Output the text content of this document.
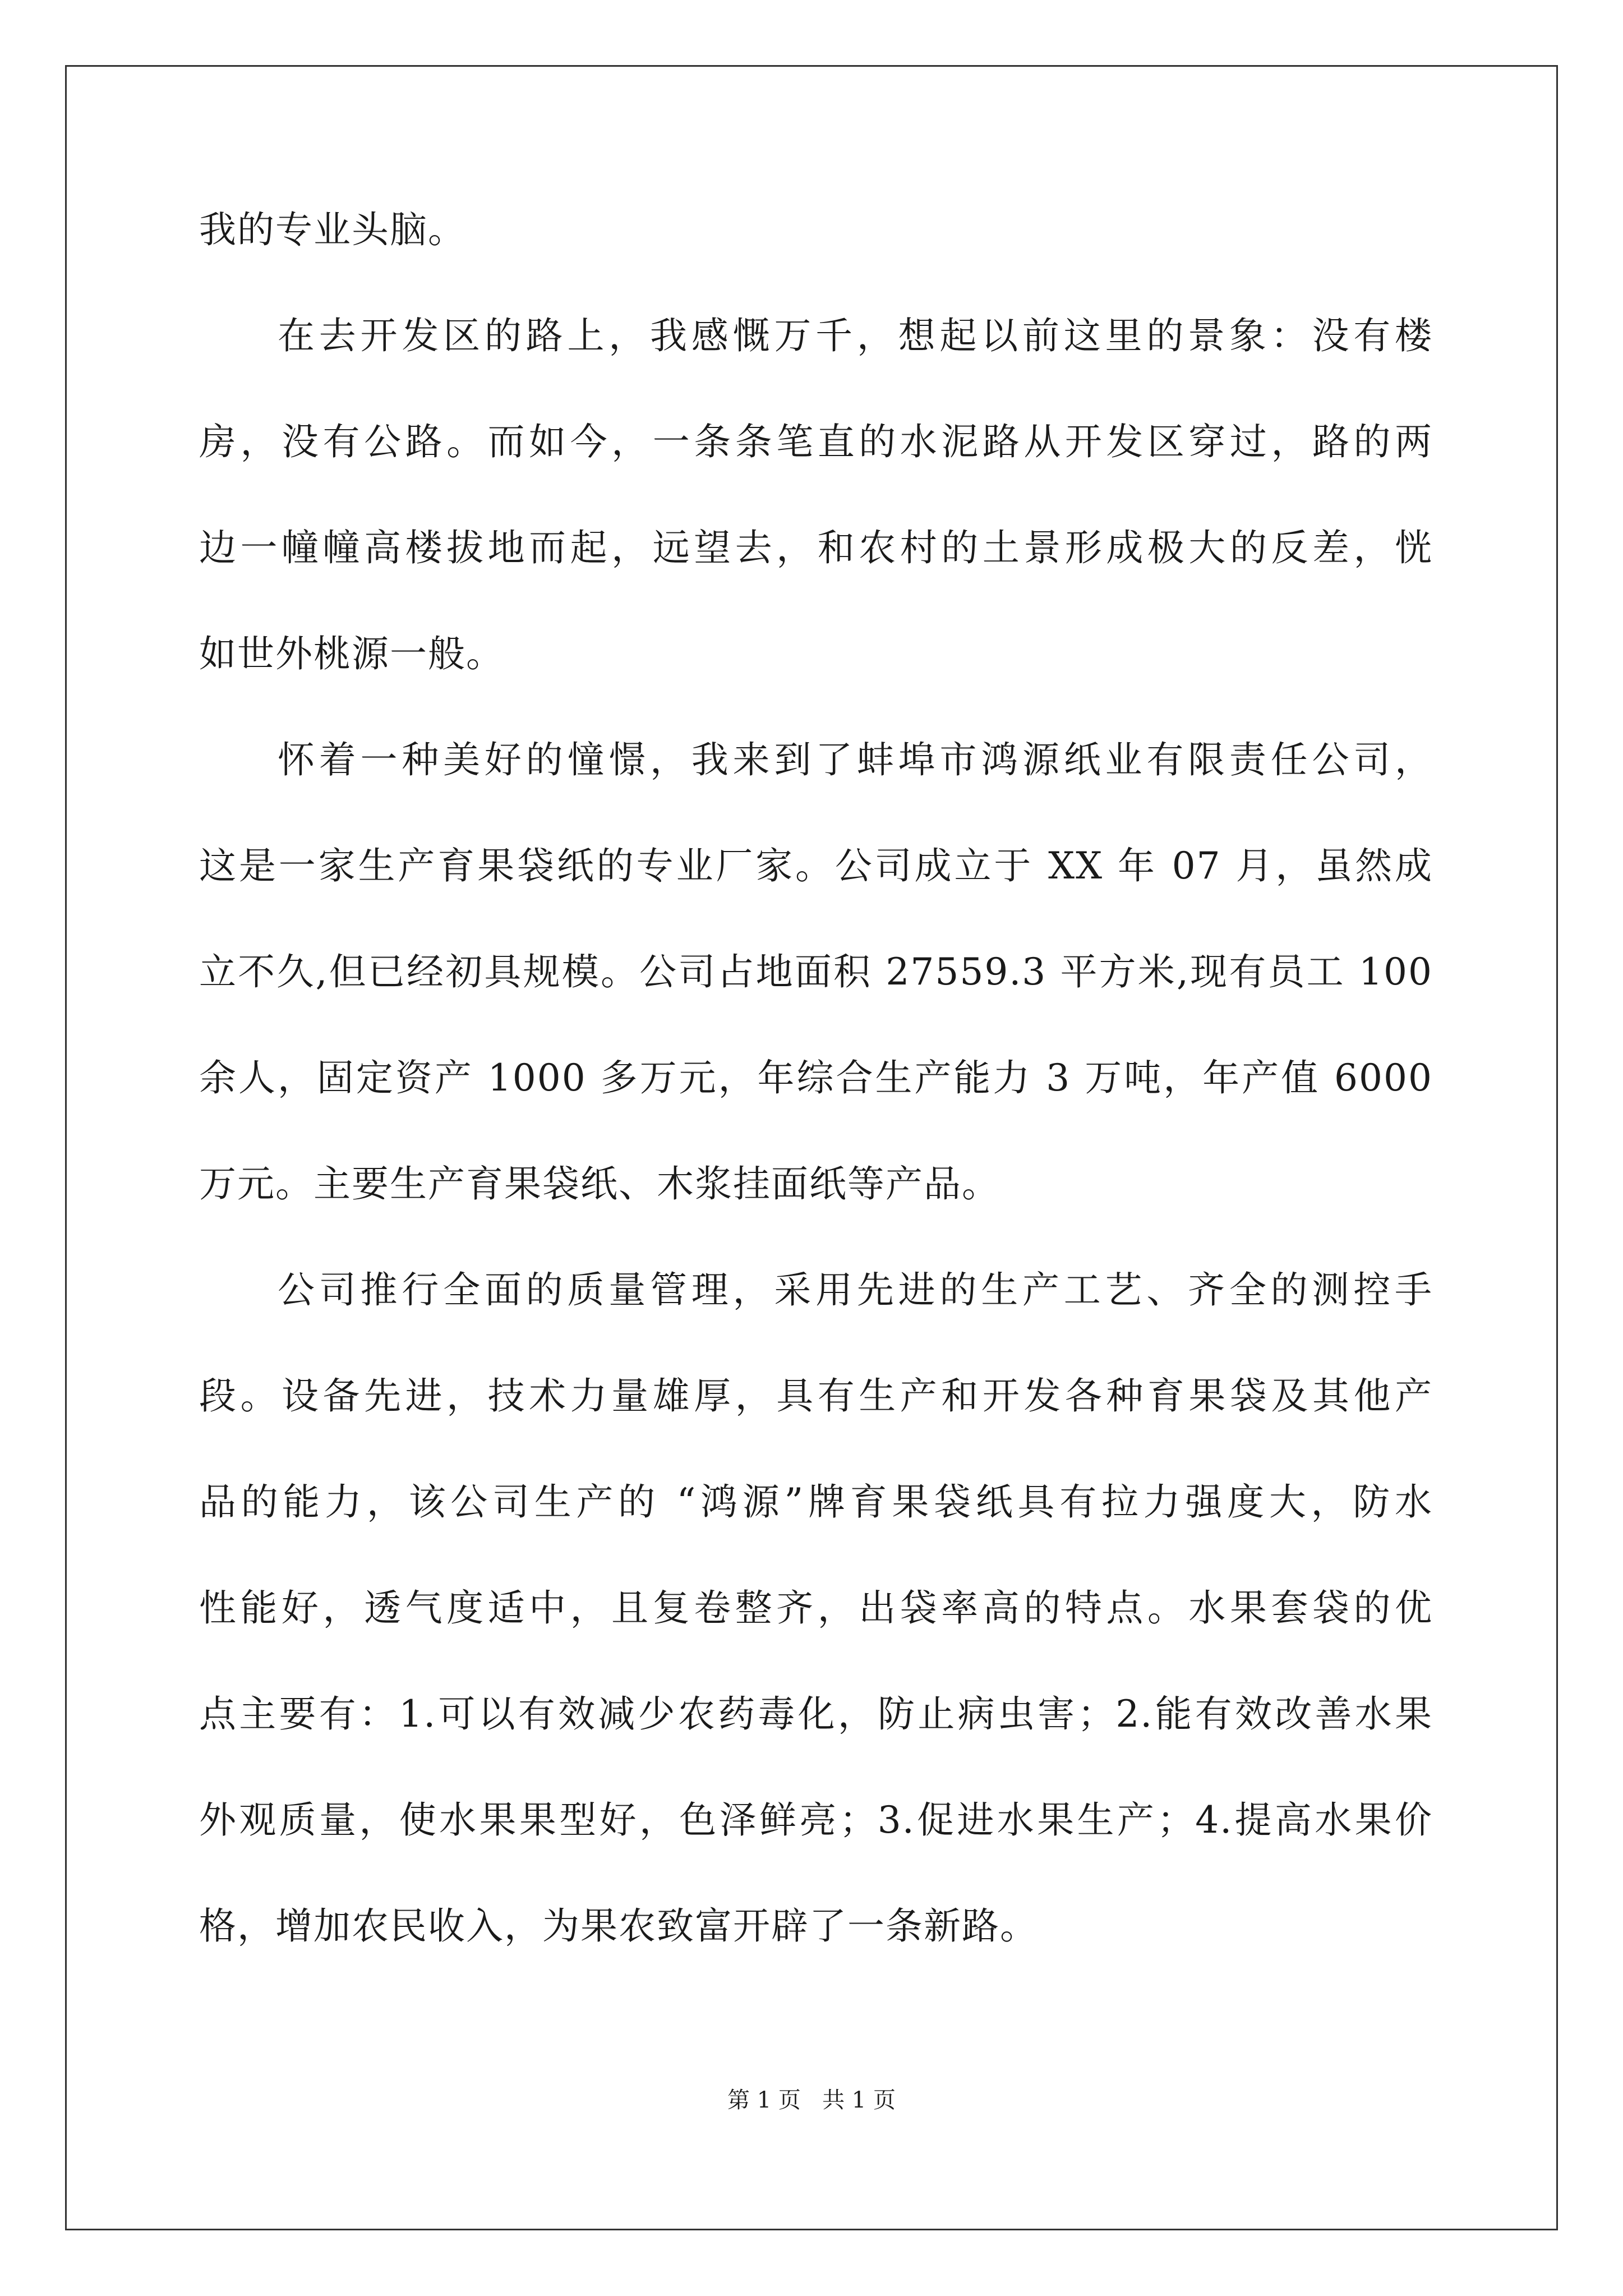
我的专业头脑。
在去开发区的路上，我感慨万千，想起以前这里的景象：没有楼
房，没有公路。而如今，一条条笔直的水泥路从开发区穿过，路的两
边一幢幢高楼拔地而起，远望去，和农村的土景形成极大的反差，恍
如世外桃源一般。
怀着一种美好的憧憬，我来到了蚌埠市鸿源纸业有限责任公司，
这是一家生产育果袋纸的专业厂家。公司成立于 XX 年 07 月，虽然成
立不久,但已经初具规模。公司占地面积 27559.3 平方米,现有员工 100
余人，固定资产 1000 多万元，年综合生产能力 3 万吨，年产值 6000
万元。主要生产育果袋纸、木浆挂面纸等产品。
公司推行全面的质量管理，采用先进的生产工艺、齐全的测控手
段。设备先进，技术力量雄厚，具有生产和开发各种育果袋及其他产
品的能力，该公司生产的 “鸿源”牌育果袋纸具有拉力强度大，防水
性能好，透气度适中，且复卷整齐，出袋率高的特点。水果套袋的优
点主要有：1.可以有效减少农药毒化，防止病虫害；2.能有效改善水果
外观质量，使水果果型好，色泽鲜亮；3.促进水果生产；4.提高水果价
格，增加农民收入，为果农致富开辟了一条新路。
第 1 页   共 1 页
